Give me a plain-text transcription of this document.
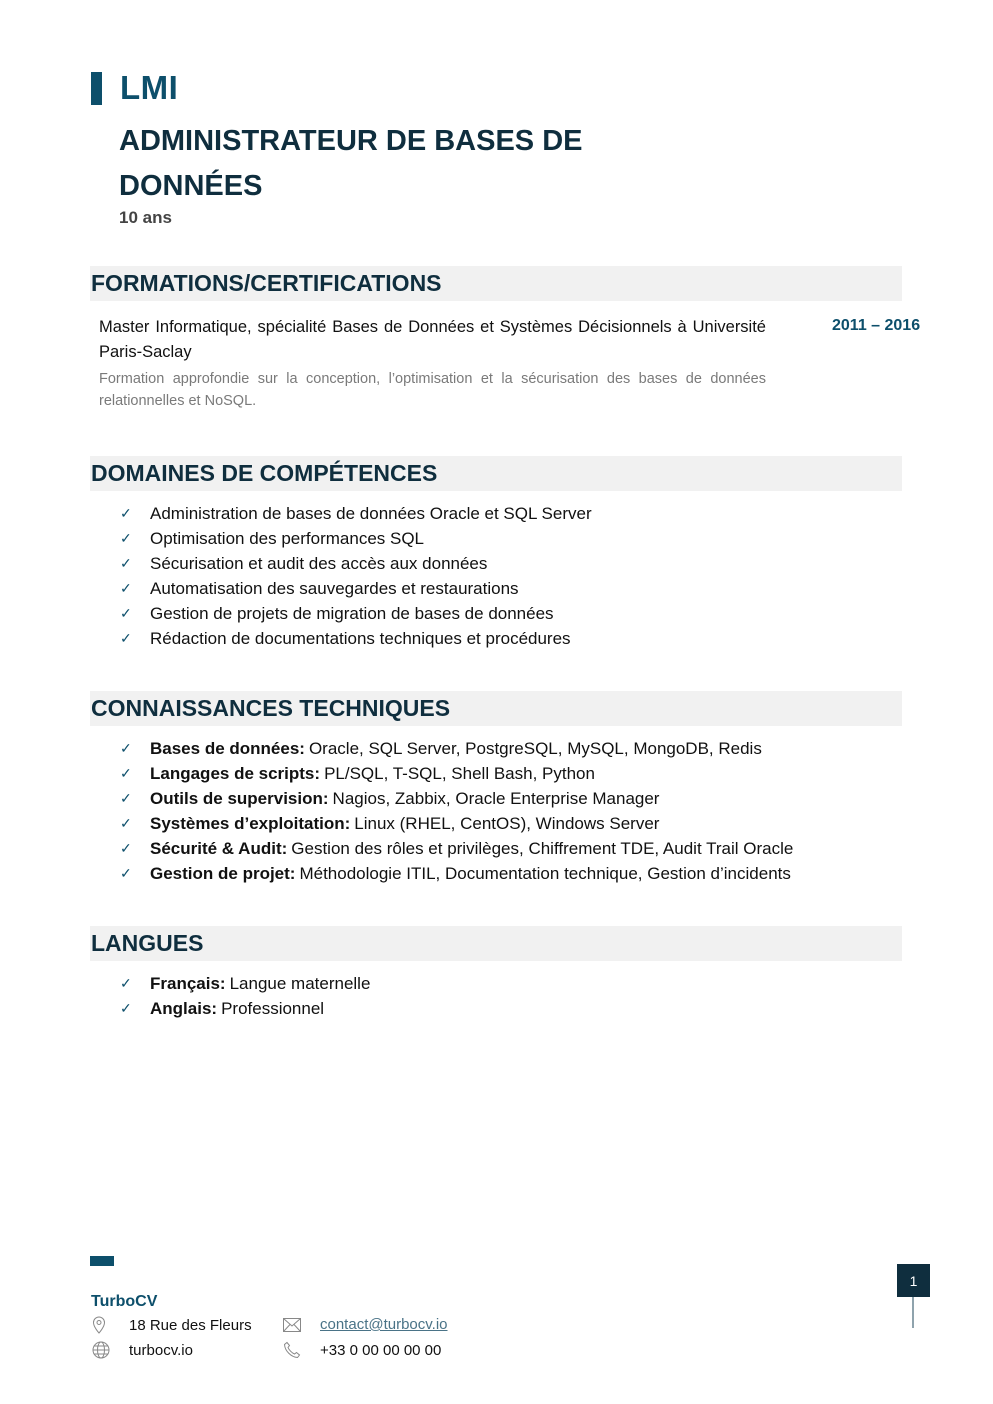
LMI
ADMINISTRATEUR DE BASES DE DONNÉES
10 ans
FORMATIONS/CERTIFICATIONS
Master Informatique, spécialité Bases de Données et Systèmes Décisionnels à Université Paris-Saclay
2011 – 2016
Formation approfondie sur la conception, l’optimisation et la sécurisation des bases de données relationnelles et NoSQL.
DOMAINES DE COMPÉTENCES
✓	Administration de bases de données Oracle et SQL Server
✓	Optimisation des performances SQL
✓	Sécurisation et audit des accès aux données
✓	Automatisation des sauvegardes et restaurations
✓	Gestion de projets de migration de bases de données
✓	Rédaction de documentations techniques et procédures
CONNAISSANCES TECHNIQUES
✓	Bases de données: Oracle, SQL Server, PostgreSQL, MySQL, MongoDB, Redis
✓	Langages de scripts: PL/SQL, T-SQL, Shell Bash, Python
✓	Outils de supervision: Nagios, Zabbix, Oracle Enterprise Manager
✓	Systèmes d’exploitation: Linux (RHEL, CentOS), Windows Server
✓	Sécurité & Audit: Gestion des rôles et privilèges, Chiffrement TDE, Audit Trail Oracle
✓	Gestion de projet: Méthodologie ITIL, Documentation technique, Gestion d’incidents
LANGUES
✓	Français: Langue maternelle
✓	Anglais: Professionnel
TurboCV
18 Rue des Fleurs
turbocv.io
contact@turbocv.io
+33 0 00 00 00 00
1
